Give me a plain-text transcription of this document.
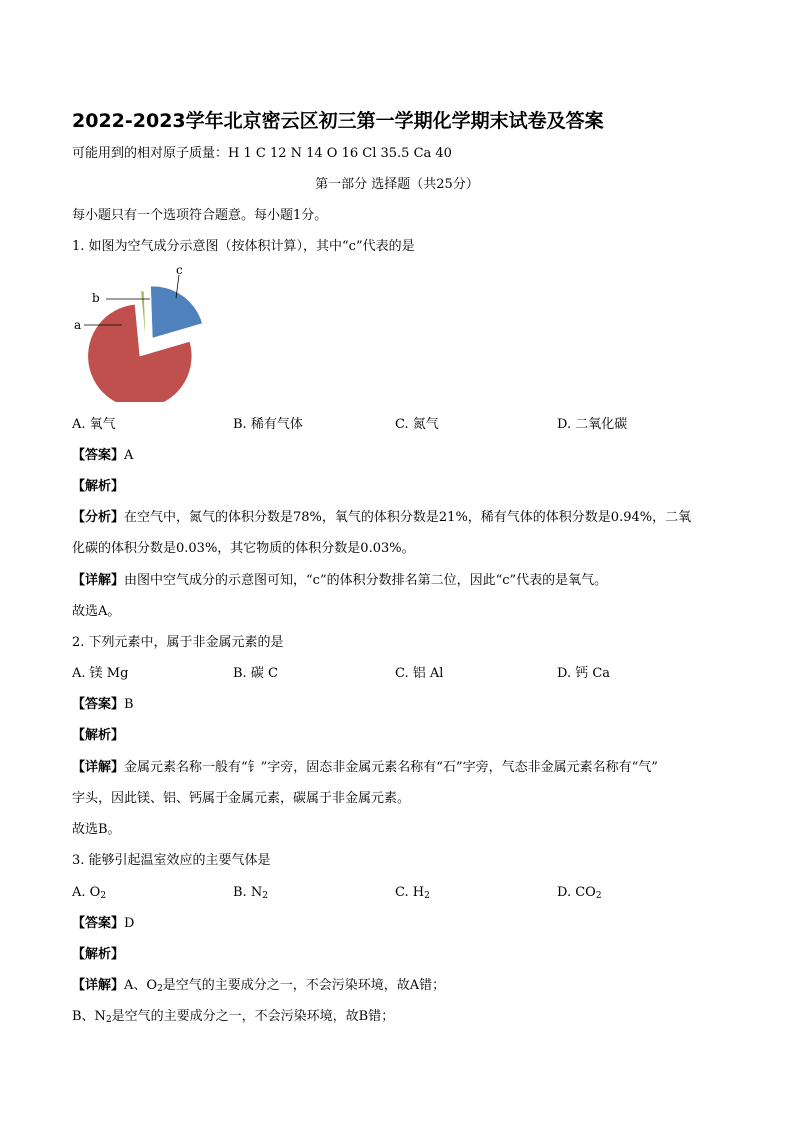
2022-2023学年北京密云区初三第一学期化学期末试卷及答案
可能用到的相对原子质量：H 1 C 12 N 14 O 16 Cl 35.5 Ca 40
第一部分 选择题（共25分）
每小题只有一个选项符合题意。每小题1分。
1. 如图为空气成分示意图（按体积计算），其中“c”代表的是
a
b
c
A. 氧气	B. 稀有气体	C. 氮气	D. 二氧化碳
【答案】A
【解析】
【分析】在空气中，氮气的体积分数是78%，氧气的体积分数是21%，稀有气体的体积分数是0.94%，二氧
化碳的体积分数是0.03%，其它物质的体积分数是0.03%。
【详解】由图中空气成分的示意图可知，“c”的体积分数排名第二位，因此“c”代表的是氧气。
故选A。
2. 下列元素中，属于非金属元素的是
A. 镁 Mg	B. 碳 C	C. 铝 Al	D. 钙 Ca
【答案】B
【解析】
【详解】金属元素名称一般有“钅”字旁，固态非金属元素名称有“石”字旁，气态非金属元素名称有“气”
字头，因此镁、铝、钙属于金属元素，碳属于非金属元素。
故选B。
3. 能够引起温室效应的主要气体是
A. $O_2$	B. $N_2$	C. $H_2$	D. $CO_2$
【答案】D
【解析】
【详解】A、$O_2$是空气的主要成分之一，不会污染环境，故A错；
B、$N_2$是空气的主要成分之一，不会污染环境，故B错；
